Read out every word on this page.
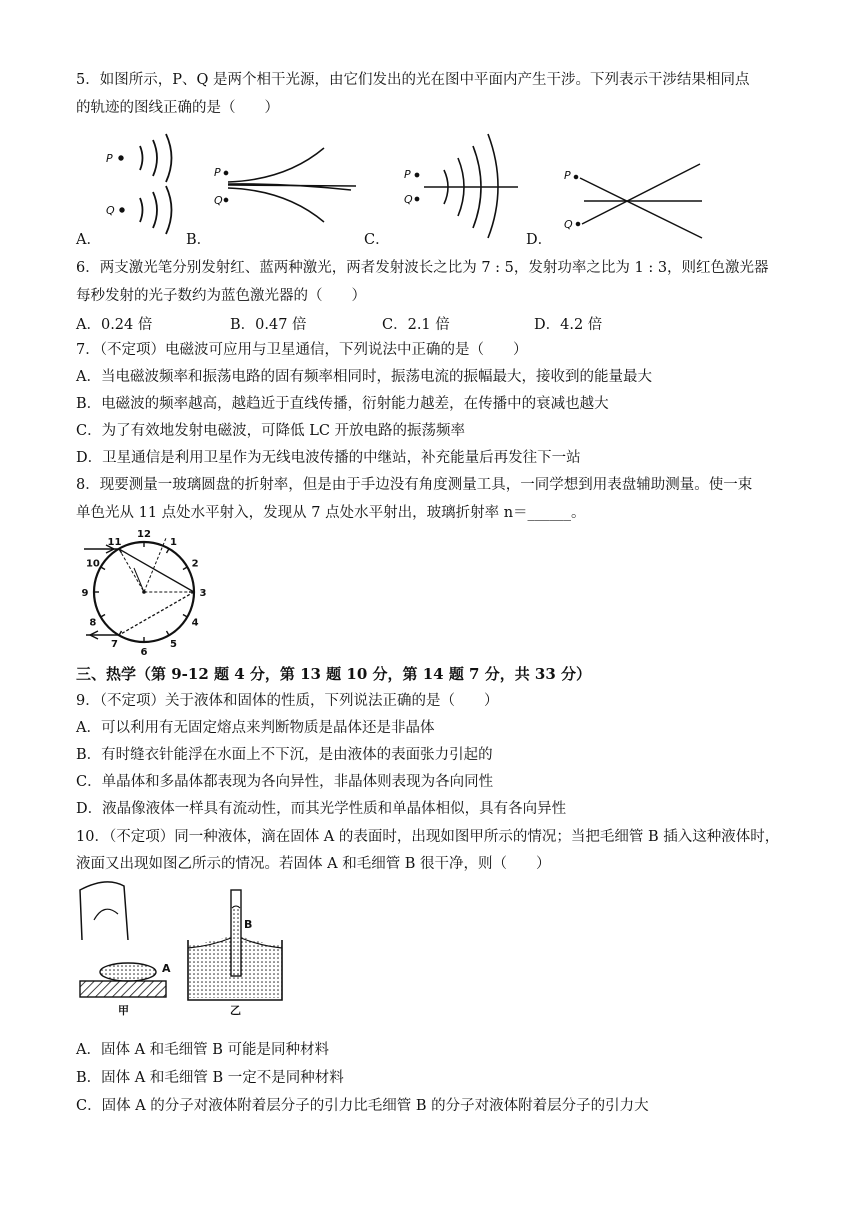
5．如图所示，P、Q 是两个相干光源，由它们发出的光在图中平面内产生干涉。下列表示干涉结果相同点
的轨迹的图线正确的是（　　）
P
Q
P
Q
P
Q
P
Q
A．	B．	C．	D．
6．两支激光笔分别发射红、蓝两种激光，两者发射波长之比为 7 : 5，发射功率之比为 1 : 3，则红色激光器
每秒发射的光子数约为蓝色激光器的（　　）
A．0.24 倍	B．0.47 倍	C．2.1 倍	D．4.2 倍
7．（不定项）电磁波可应用与卫星通信，下列说法中正确的是（　　）
A．当电磁波频率和振荡电路的固有频率相同时，振荡电流的振幅最大，接收到的能量最大
B．电磁波的频率越高，越趋近于直线传播，衍射能力越差，在传播中的衰减也越大
C．为了有效地发射电磁波，可降低 LC 开放电路的振荡频率
D．卫星通信是利用卫星作为无线电波传播的中继站，补充能量后再发往下一站
8．现要测量一玻璃圆盘的折射率，但是由于手边没有角度测量工具，一同学想到用表盘辅助测量。使一束
单色光从 11 点处水平射入，发现从 7 点处水平射出，玻璃折射率 n＝______。
12
1
2
3
4
5
6
7
8
9
10
11
三、热学（第 9-12 题 4 分，第 13 题 10 分，第 14 题 7 分，共 33 分）
9．（不定项）关于液体和固体的性质，下列说法正确的是（　　）
A．可以利用有无固定熔点来判断物质是晶体还是非晶体
B．有时缝衣针能浮在水面上不下沉，是由液体的表面张力引起的
C．单晶体和多晶体都表现为各向异性，非晶体则表现为各向同性
D．液晶像液体一样具有流动性，而其光学性质和单晶体相似，具有各向异性
10．（不定项）同一种液体，滴在固体 A 的表面时，出现如图甲所示的情况；当把毛细管 B 插入这种液体时，
液面又出现如图乙所示的情况。若固体 A 和毛细管 B 很干净，则（　　）
A
甲
B
乙
A．固体 A 和毛细管 B 可能是同种材料
B．固体 A 和毛细管 B 一定不是同种材料
C．固体 A 的分子对液体附着层分子的引力比毛细管 B 的分子对液体附着层分子的引力大
